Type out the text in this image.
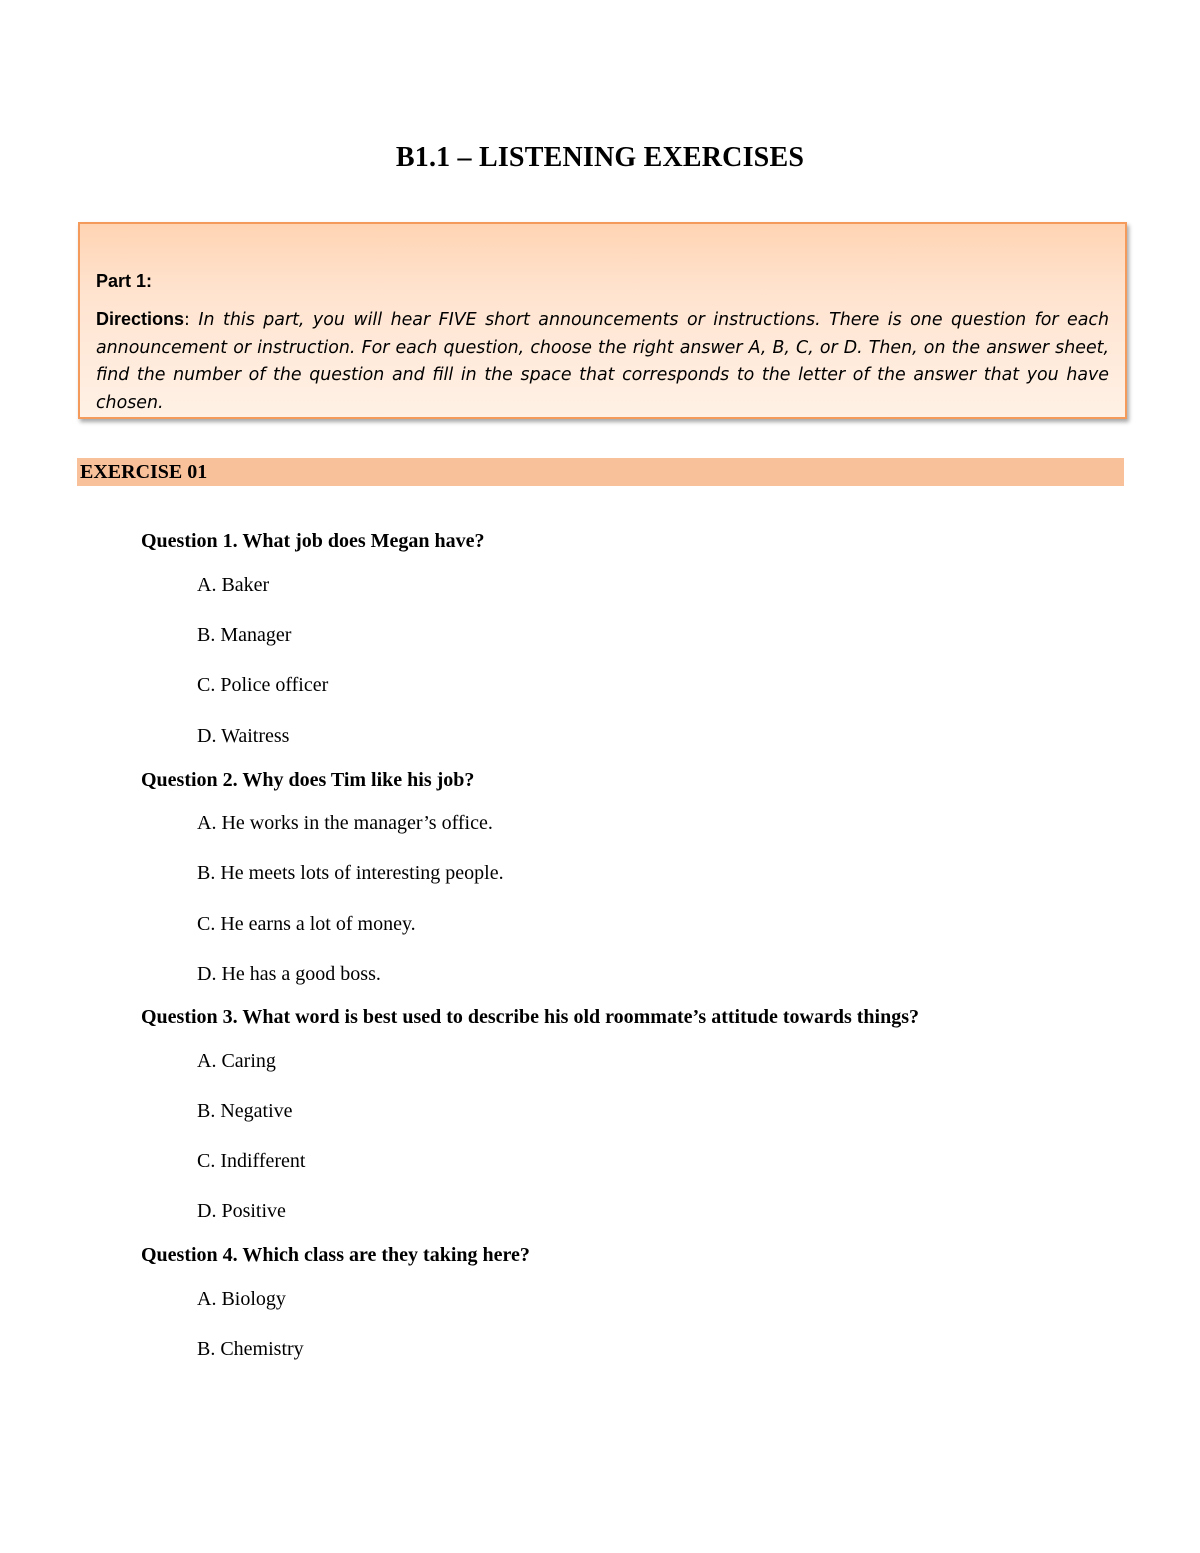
B1.1 – LISTENING EXERCISES

Part 1:

Directions: In this part, you will hear FIVE short announcements or instructions. There is one question for each announcement or instruction. For each question, choose the right answer A, B, C, or D. Then, on the answer sheet, find the number of the question and fill in the space that corresponds to the letter of the answer that you have chosen.

EXERCISE 01

Question 1. What job does Megan have?

A. Baker

B. Manager

C. Police officer

D. Waitress

Question 2. Why does Tim like his job?

A. He works in the manager’s office.

B. He meets lots of interesting people.

C. He earns a lot of money.

D. He has a good boss.

Question 3. What word is best used to describe his old roommate’s attitude towards things?

A. Caring

B. Negative

C. Indifferent

D. Positive

Question 4. Which class are they taking here?

A. Biology

B. Chemistry
